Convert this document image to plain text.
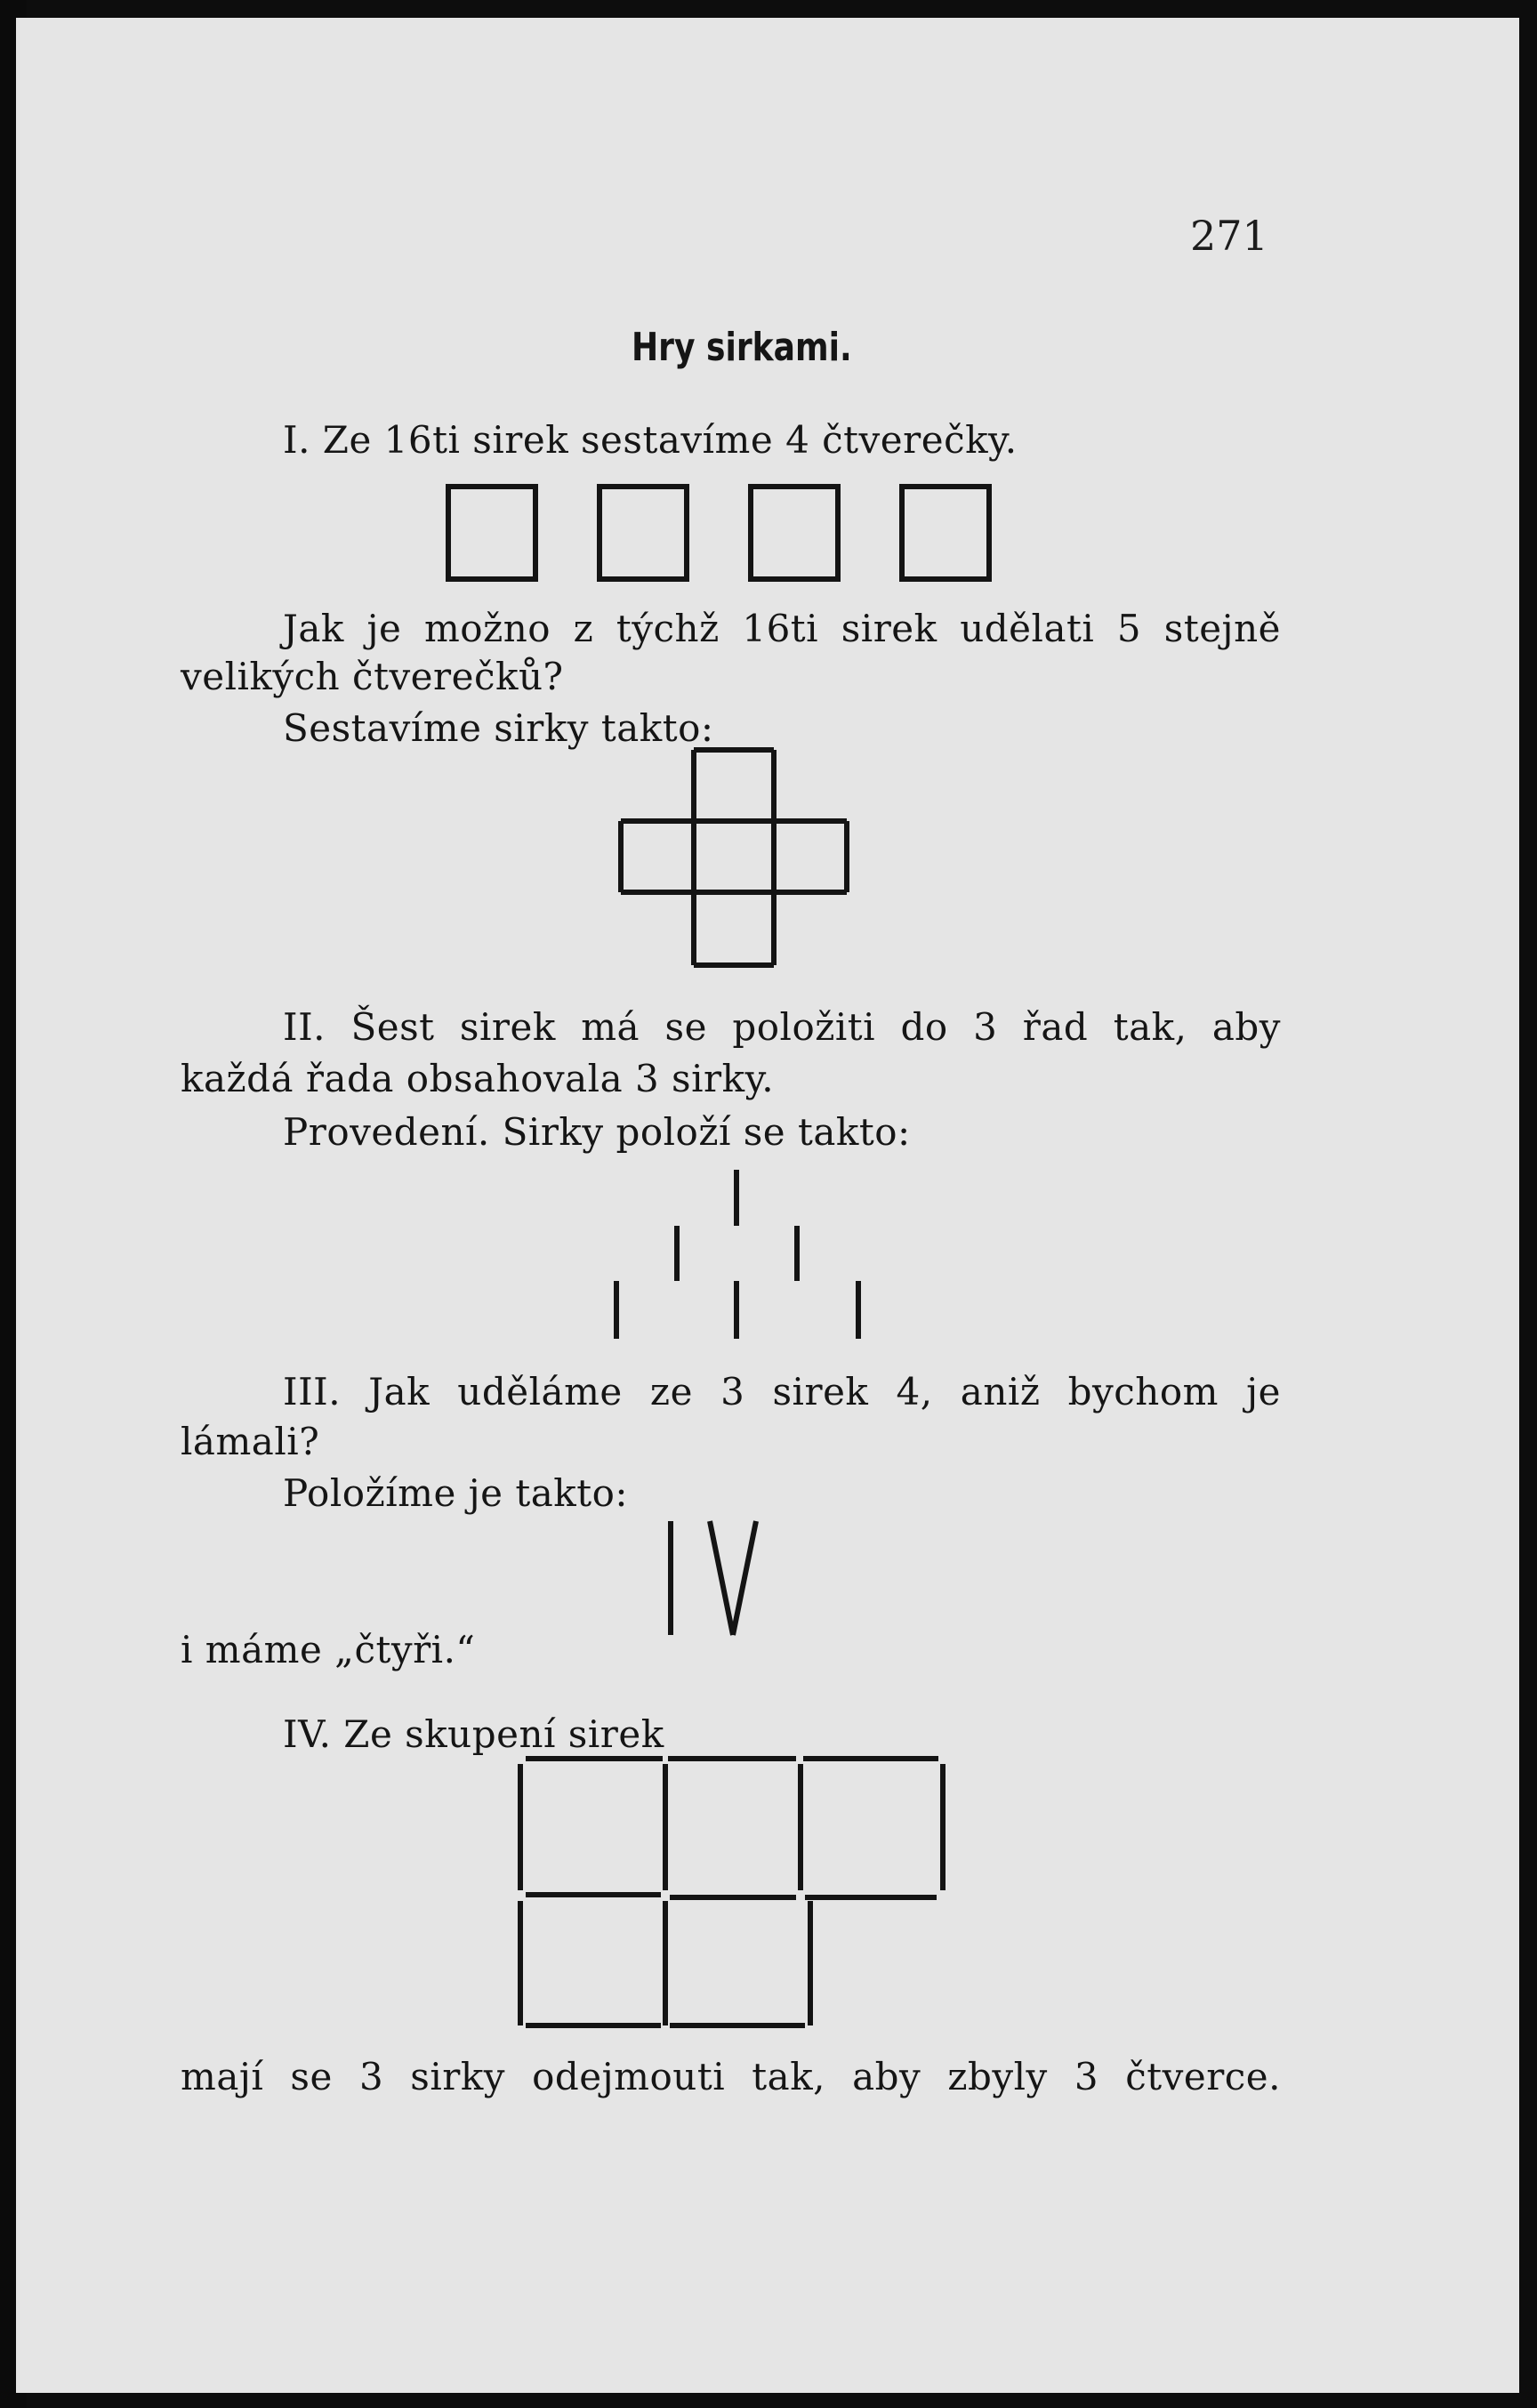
271
Hry sirkami.
I. Ze 16ti sirek sestavíme 4 čtverečky.
Jak je možno z týchž 16ti sirek udělati 5 stejně
velikých čtverečků?
Sestavíme sirky takto:
II. Šest sirek má se položiti do 3 řad tak, aby
každá řada obsahovala 3 sirky.
Provedení. Sirky položí se takto:
III. Jak uděláme ze 3 sirek 4, aniž bychom je
lámali?
Položíme je takto:
i máme „čtyři.“
IV. Ze skupení sirek
mají se 3 sirky odejmouti tak, aby zbyly 3 čtverce.
